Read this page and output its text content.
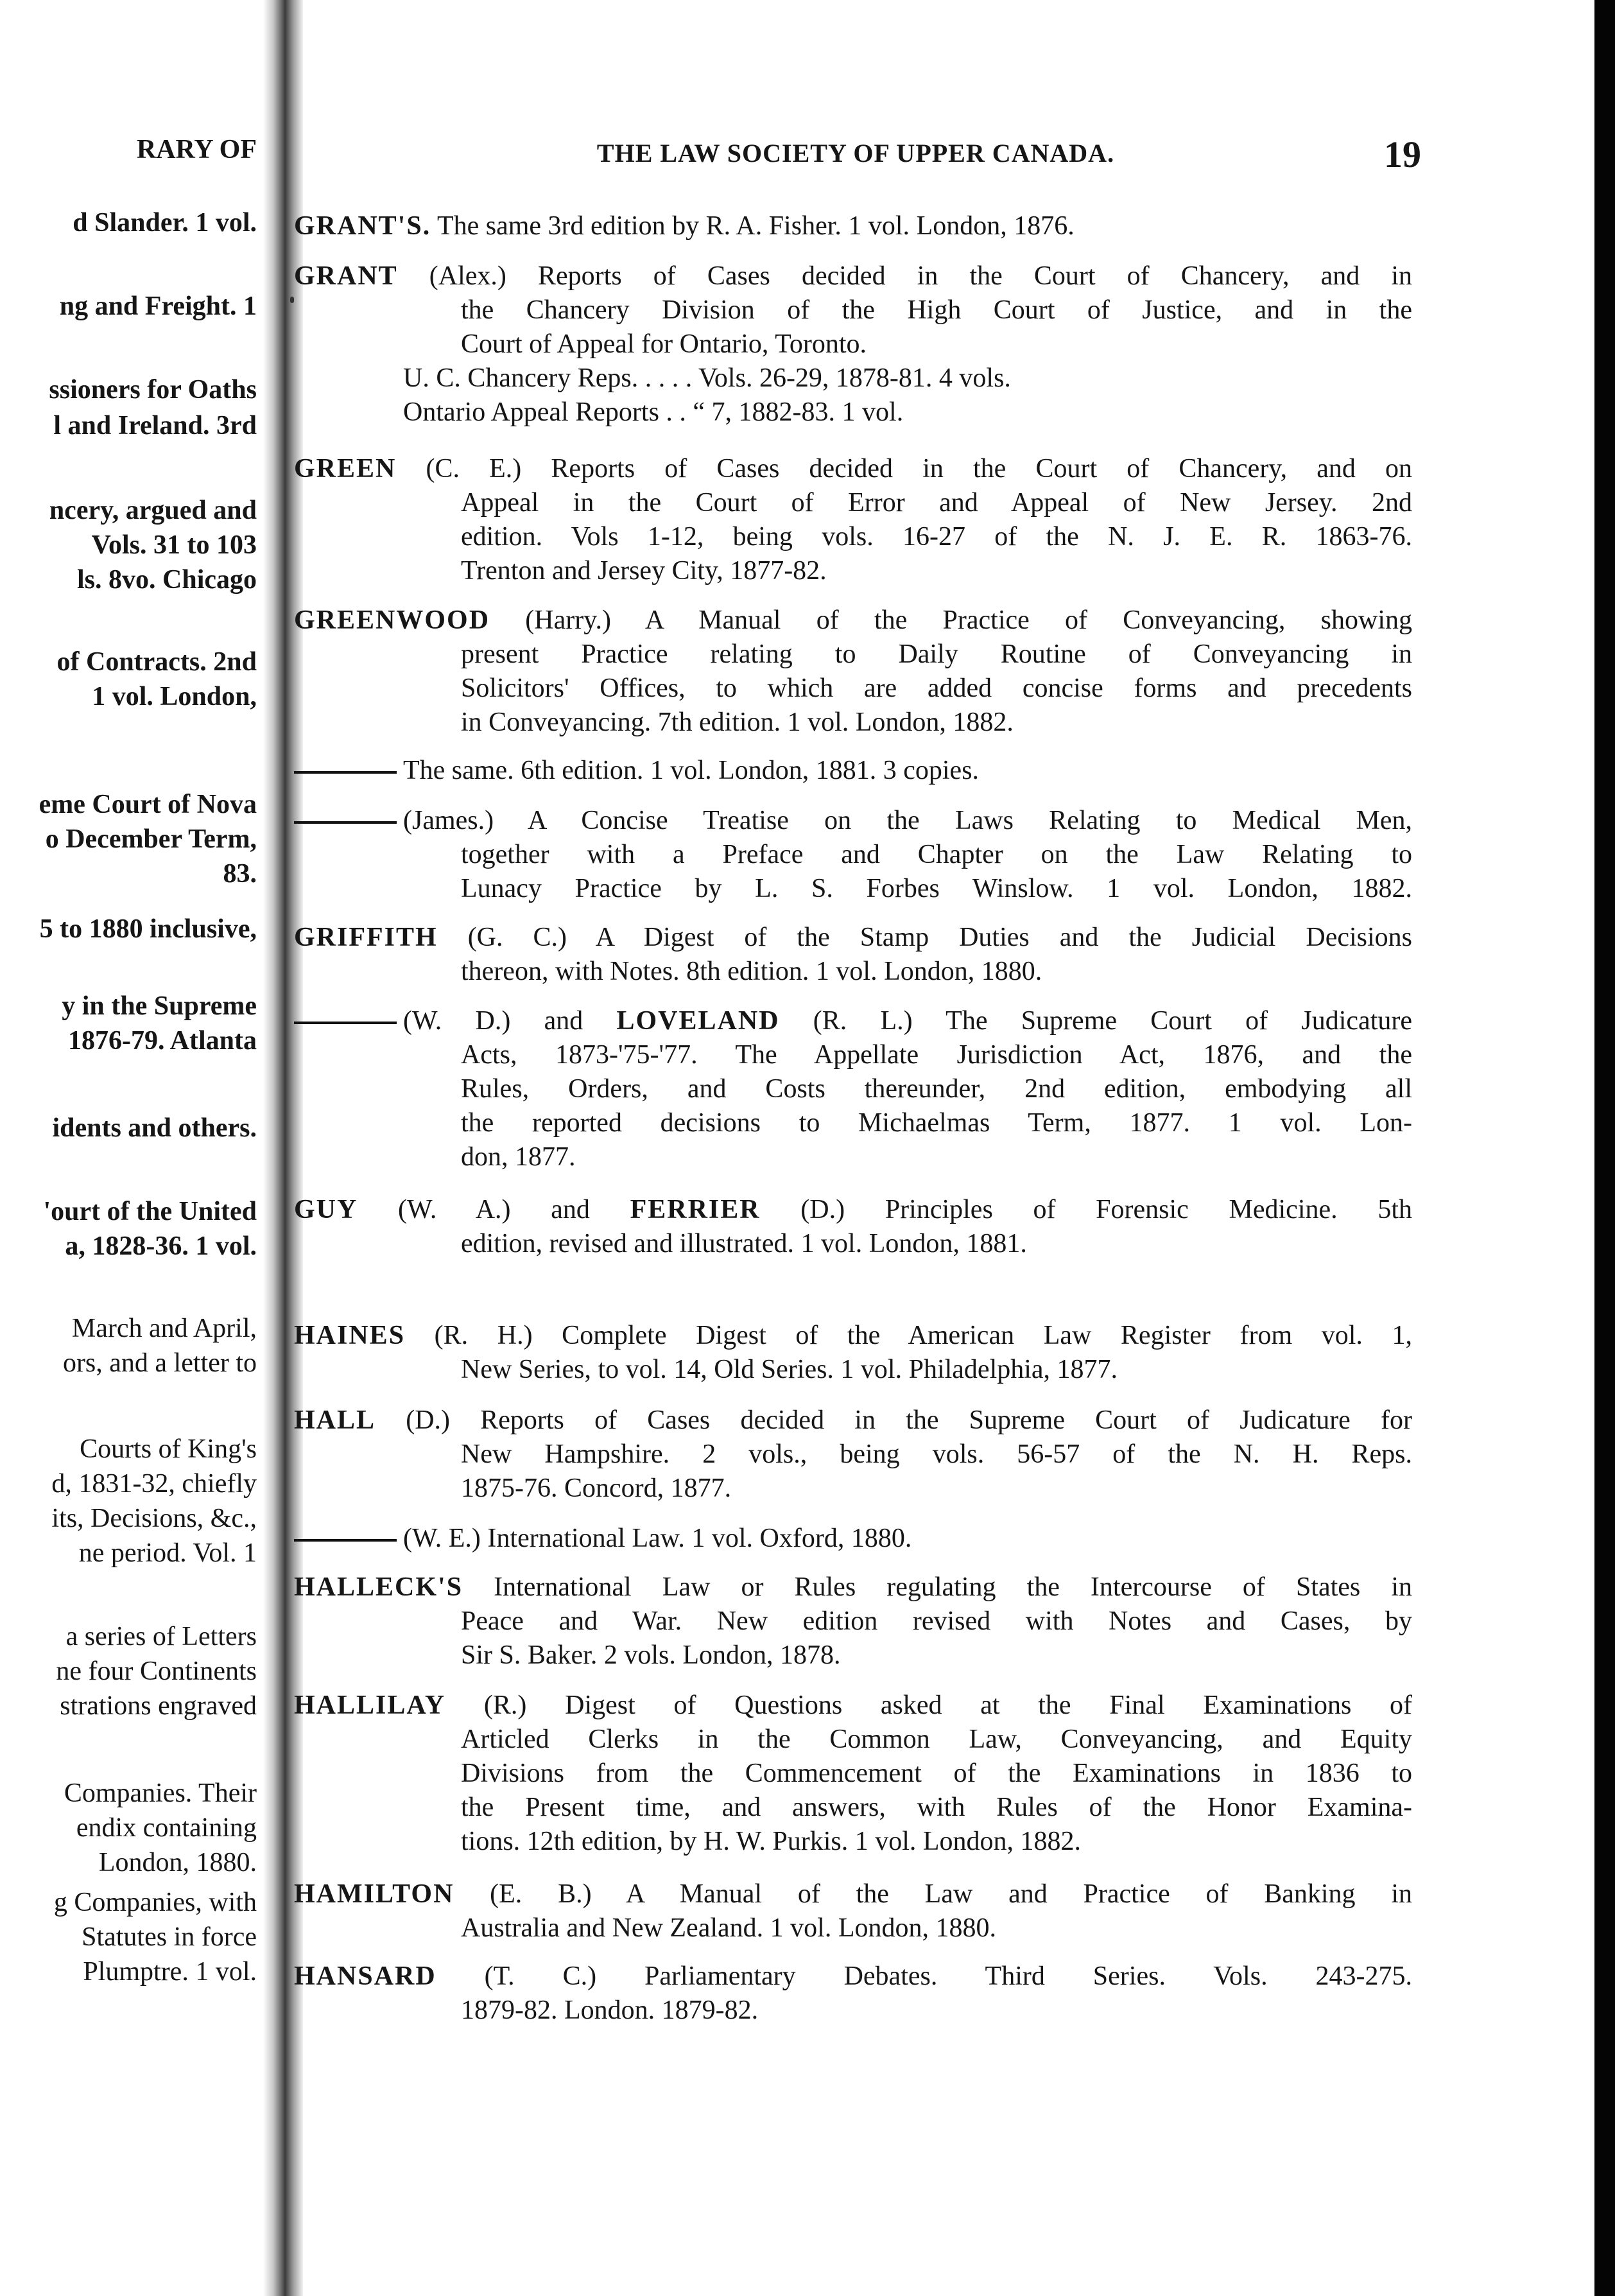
RARY OF
d Slander. 1 vol.
ng and Freight. 1
ssioners for Oaths
l and Ireland. 3rd
ncery, argued and
Vols. 31 to 103
ls. 8vo. Chicago
of Contracts. 2nd
1 vol. London,
eme Court of Nova
o December Term,
83.
5 to 1880 inclusive,
y in the Supreme
1876-79. Atlanta
idents and others.
'ourt of the United
a, 1828-36. 1 vol.
March and April,
ors, and a letter to
Courts of King's
d, 1831-32, chiefly
its, Decisions, &c.,
ne period. Vol. 1
a series of Letters
ne four Continents
strations engraved
Companies. Their
endix containing
London, 1880.
g Companies, with
Statutes in force
Plumptre. 1 vol.
THE LAW SOCIETY OF UPPER CANADA.	19
GRANT'S. The same 3rd edition by R. A. Fisher. 1 vol. London, 1876.
GRANT (Alex.) Reports of Cases decided in the Court of Chancery, and in
the Chancery Division of the High Court of Justice, and in the
Court of Appeal for Ontario, Toronto.
U. C. Chancery Reps. . . . . Vols. 26-29, 1878-81. 4 vols.
Ontario Appeal Reports . . “ 7, 1882-83. 1 vol.
GREEN (C. E.) Reports of Cases decided in the Court of Chancery, and on
Appeal in the Court of Error and Appeal of New Jersey. 2nd
edition. Vols 1-12, being vols. 16-27 of the N. J. E. R. 1863-76.
Trenton and Jersey City, 1877-82.
GREENWOOD (Harry.) A Manual of the Practice of Conveyancing, showing
present Practice relating to Daily Routine of Conveyancing in
Solicitors' Offices, to which are added concise forms and precedents
in Conveyancing. 7th edition. 1 vol. London, 1882.
The same. 6th edition. 1 vol. London, 1881. 3 copies.
(James.) A Concise Treatise on the Laws Relating to Medical Men,
together with a Preface and Chapter on the Law Relating to
Lunacy Practice by L. S. Forbes Winslow. 1 vol. London, 1882.
GRIFFITH (G. C.) A Digest of the Stamp Duties and the Judicial Decisions
thereon, with Notes. 8th edition. 1 vol. London, 1880.
(W. D.) and LOVELAND (R. L.) The Supreme Court of Judicature
Acts, 1873-'75-'77. The Appellate Jurisdiction Act, 1876, and the
Rules, Orders, and Costs thereunder, 2nd edition, embodying all
the reported decisions to Michaelmas Term, 1877. 1 vol. Lon-
don, 1877.
GUY (W. A.) and FERRIER (D.) Principles of Forensic Medicine. 5th
edition, revised and illustrated. 1 vol. London, 1881.
HAINES (R. H.) Complete Digest of the American Law Register from vol. 1,
New Series, to vol. 14, Old Series. 1 vol. Philadelphia, 1877.
HALL (D.) Reports of Cases decided in the Supreme Court of Judicature for
New Hampshire. 2 vols., being vols. 56-57 of the N. H. Reps.
1875-76. Concord, 1877.
(W. E.) International Law. 1 vol. Oxford, 1880.
HALLECK'S International Law or Rules regulating the Intercourse of States in
Peace and War. New edition revised with Notes and Cases, by
Sir S. Baker. 2 vols. London, 1878.
HALLILAY (R.) Digest of Questions asked at the Final Examinations of
Articled Clerks in the Common Law, Conveyancing, and Equity
Divisions from the Commencement of the Examinations in 1836 to
the Present time, and answers, with Rules of the Honor Examina-
tions. 12th edition, by H. W. Purkis. 1 vol. London, 1882.
HAMILTON (E. B.) A Manual of the Law and Practice of Banking in
Australia and New Zealand. 1 vol. London, 1880.
HANSARD (T. C.) Parliamentary Debates. Third Series. Vols. 243-275.
1879-82. London. 1879-82.
